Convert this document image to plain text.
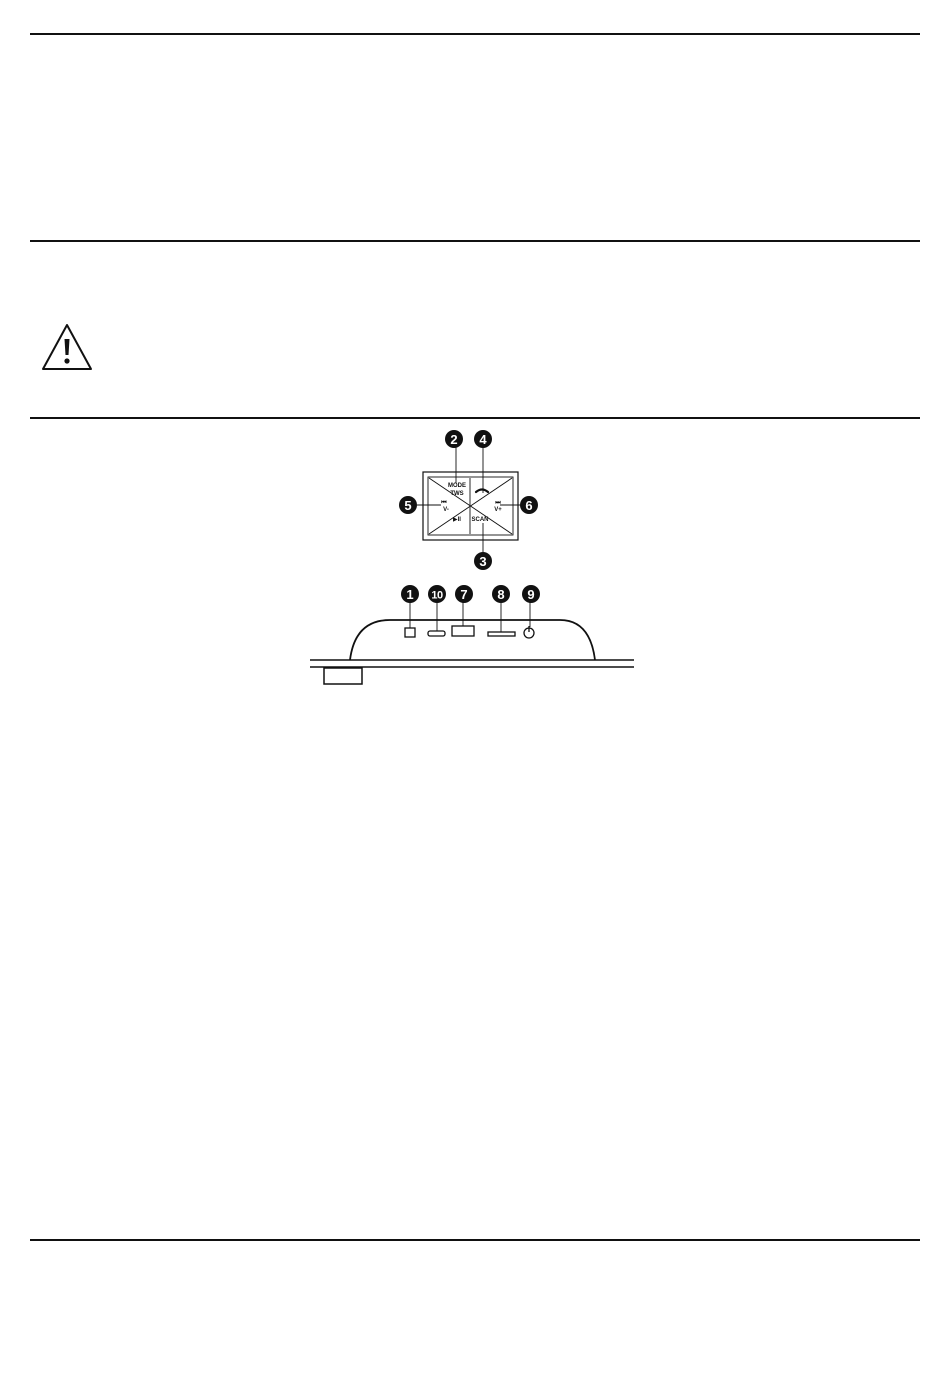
MODE
TWS
SCAN
⏮
V-
⏭
V+
▶II
2 4
5	6
3
1 10 7 8 9
